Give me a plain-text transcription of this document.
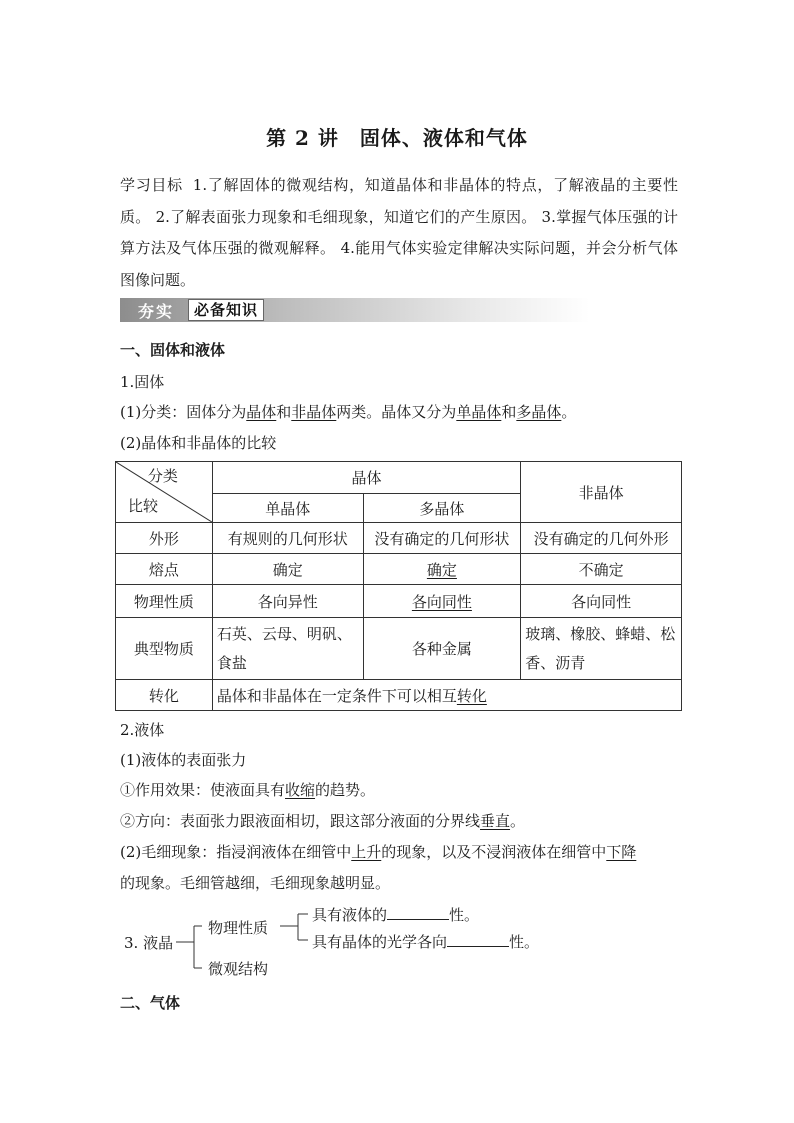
第 2 讲　固体、液体和气体
学习目标 1.了解固体的微观结构，知道晶体和非晶体的特点，了解液晶的主要性质。 2.了解表面张力现象和毛细现象，知道它们的产生原因。 3.掌握气体压强的计算方法及气体压强的微观解释。 4.能用气体实验定律解决实际问题，并会分析气体图像问题。
夯实	必备知识
一、固体和液体
1.固体
(1)分类：固体分为晶体和非晶体两类。晶体又分为单晶体和多晶体。
(2)晶体和非晶体的比较
分类
比较	晶体		非晶体
	单晶体	多晶体	
外形	有规则的几何形状	没有确定的几何形状	没有确定的几何外形
熔点	确定	确定	不确定
物理性质	各向异性	各向同性	各向同性
典型物质	石英、云母、明矾、食盐	各种金属	玻璃、橡胶、蜂蜡、松香、沥青
转化	晶体和非晶体在一定条件下可以相互转化		
2.液体
(1)液体的表面张力
①作用效果：使液面具有收缩的趋势。
②方向：表面张力跟液面相切，跟这部分液面的分界线垂直。
(2)毛细现象：指浸润液体在细管中上升的现象，以及不浸润液体在细管中下降
的现象。毛细管越细，毛细现象越明显。
3. 液晶
物理性质
微观结构
具有液体的	性。
具有晶体的光学各向	性。
二、气体
